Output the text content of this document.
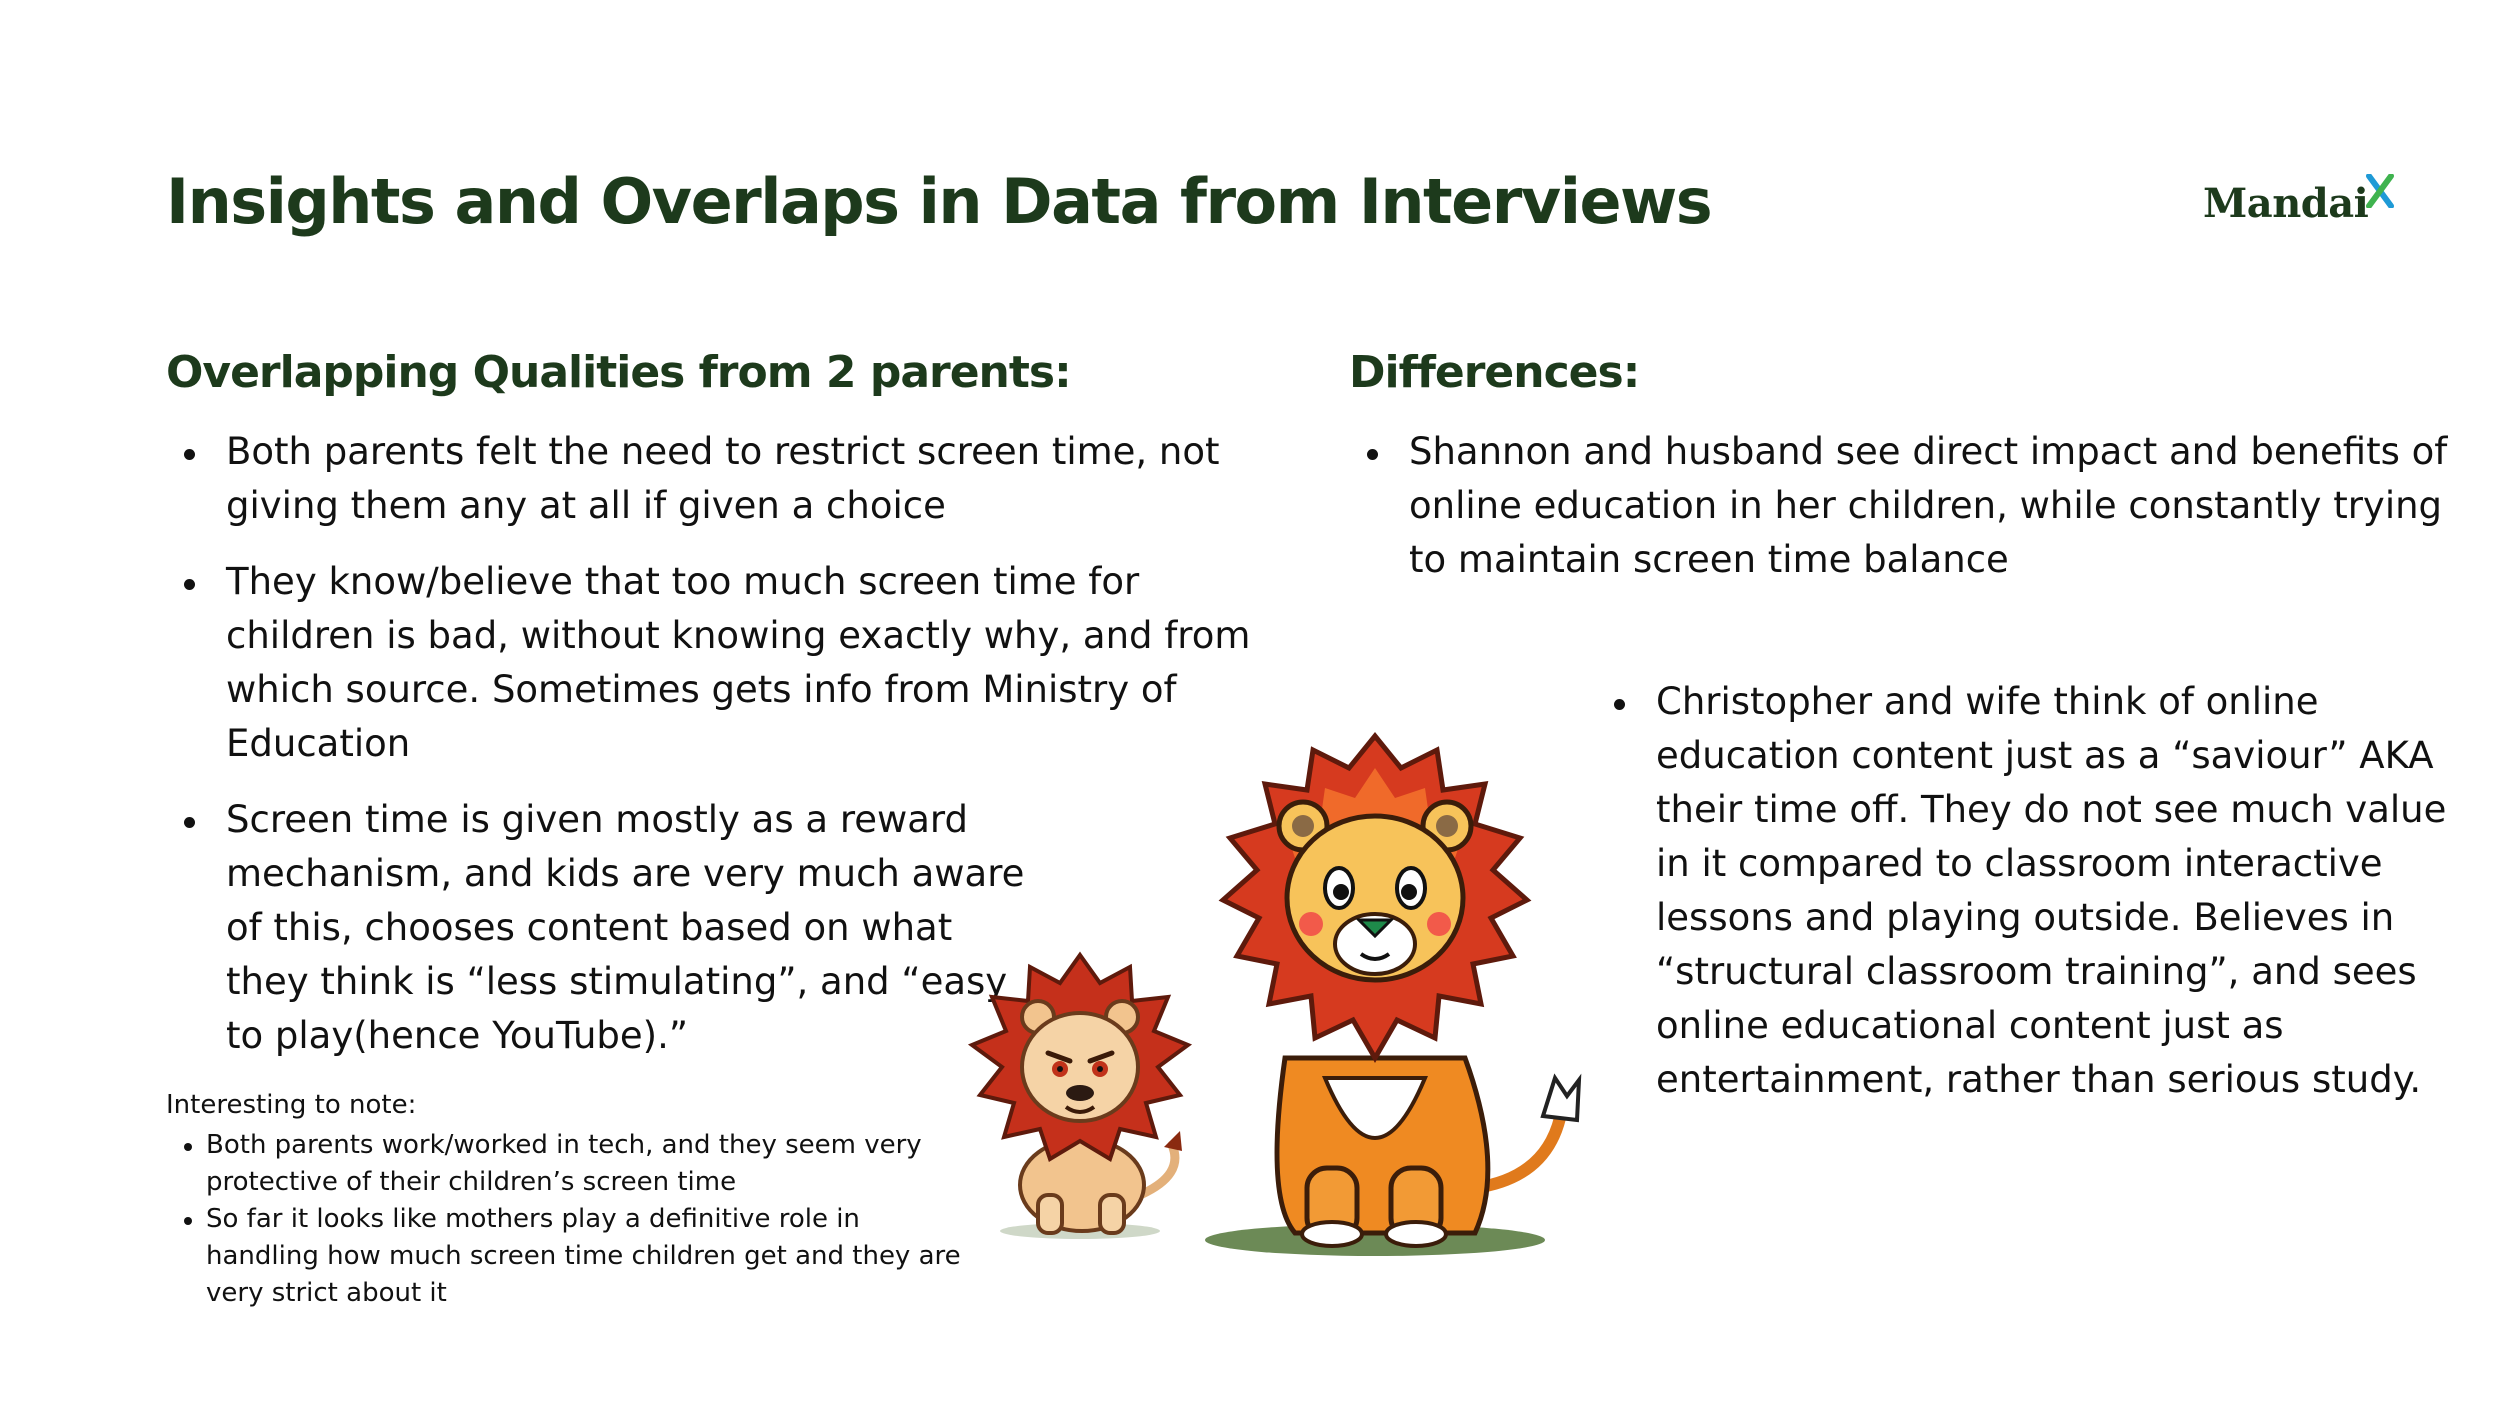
Insights and Overlaps in Data from Interviews	Mandai
Overlapping Qualities from 2 parents:
Both parents felt the need to restrict screen time, not giving them any at all if given a choice
They know/believe that too much screen time for children is bad, without knowing exactly why, and from which source. Sometimes gets info from Ministry of Education
Screen time is given mostly as a reward mechanism, and kids are very much aware of this, chooses content based on what they think is “less stimulating”, and “easy to play(hence YouTube).”
Differences:
Shannon and husband see direct impact and benefits of online education in her children, while constantly trying to maintain screen time balance
Christopher and wife think of online education content just as a “saviour” AKA their time off. They do not see much value in it compared to classroom interactive lessons and playing outside. Believes in “structural classroom training”, and sees online educational content just as entertainment, rather than serious study.
Interesting to note:
Both parents work/worked in tech, and they seem very protective of their children’s screen time
So far it looks like mothers play a definitive role in handling how much screen time children get and they are very strict about it
